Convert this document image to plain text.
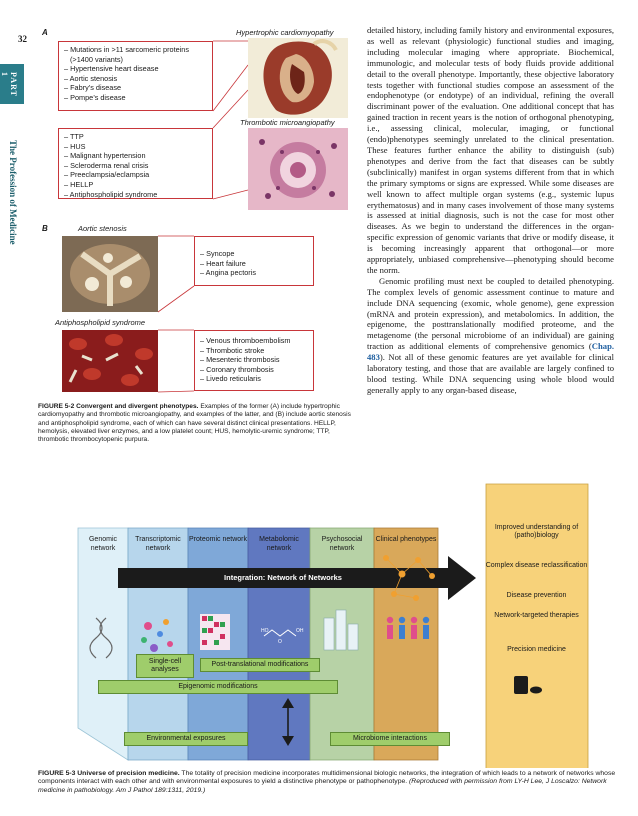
32
PART 1
The Profession of Medicine
A
B
Hypertrophic cardiomyopathy
Thrombotic microangiopathy
Aortic stenosis
Antiphospholipid syndrome
– Mutations in >11 sarcomeric proteins
(>1400 variants)
– Hypertensive heart disease
– Aortic stenosis
– Fabry’s disease
– Pompe’s disease
– TTP
– HUS
– Malignant hypertension
– Scleroderma renal crisis
– Preeclampsia/eclampsia
– HELLP
– Antiphospholipid syndrome
– Syncope
– Heart failure
– Angina pectoris
– Venous thromboembolism
– Thrombotic stroke
– Mesenteric thrombosis
– Coronary thrombosis
– Livedo reticularis
FIGURE 5-2 Convergent and divergent phenotypes. Examples of the former (A) include hypertrophic cardiomyopathy and thrombotic microangiopathy, and examples of the latter, and (B) include aortic stenosis and antiphospholipid syndrome, each of which can have several distinct clinical presentations. HELLP, hemolysis, elevated liver enzymes, and a low platelet count; HUS, hemolytic-uremic syndrome; TTP, thrombotic thrombocytopenic purpura.

detailed history, including family history and environmental exposures, as well as relevant (physiologic) functional studies and imaging, including molecular imaging where appropriate. Biochemical, immunologic, and molecular tests of body fluids provide additional detail to the overall phenotype. Importantly, these objective laboratory tests together with functional studies compose an assessment of the endophenotype (or endotype) of an individual, refining the overall discriminant power of the evaluation. One additional concept that has gained traction in recent years is the notion of orthogonal phenotyping, i.e., assessing clinical, molecular, imaging, or functional (endo)phenotypes seemingly unrelated to the clinical presentation. These features further enhance the ability to distinguish (sub) phenotypes and derive from the fact that diseases can be subtly (subclinically) manifest in organ systems different from that in which the primary symptoms or signs are expressed. While some diseases are well known to affect multiple organ systems (e.g., systemic lupus erythematosus) and in many cases involvement of those many systems is assessed at initial diagnosis, such is not the case for most other diseases. As we begin to understand the differences in the organ-specific expression of genomic variants that drive or modify disease, it is becoming increasingly apparent that orthogonal—or more appropriately, unbiased comprehensive—phenotyping should become the norm.

Genomic profiling must next be coupled to detailed phenotyping. The complex levels of genomic assessment continue to mature and include DNA sequencing (exomic, whole genome), gene expression (mRNA and protein expression), and metabolomics. In addition, the epigenome, the posttranslationally modified proteome, and the metagenome (the personal microbiome of an individual) are gaining traction as additional elements of comprehensive genomics (Chap. 483). Not all of these genomic features are yet available for clinical laboratory testing, and those that are available are largely confined to blood testing. While DNA sequencing using whole blood would generally apply to any organ-based disease,

Genomic network
Transcriptomic network
Proteomic network	Metabolomic network
Psychosocial network
Clinical phenotypes
Integration: Network of Networks
HO	OH
O
Single-cell analyses
Post-translational modifications
Epigenomic modifications
Environmental exposures	Microbiome interactions
Improved understanding of (patho)biology
Complex disease reclassification
Disease prevention
Network-targeted therapies
Precision medicine
FIGURE 5-3 Universe of precision medicine. The totality of precision medicine incorporates multidimensional biologic networks, the integration of which leads to a network of networks whose components interact with each other and with environmental exposures to yield a distinctive phenotype or pathophenotype. (Reproduced with permission from LY-H Lee, J Loscalzo: Network medicine in pathobiology. Am J Pathol 189:1311, 2019.)
